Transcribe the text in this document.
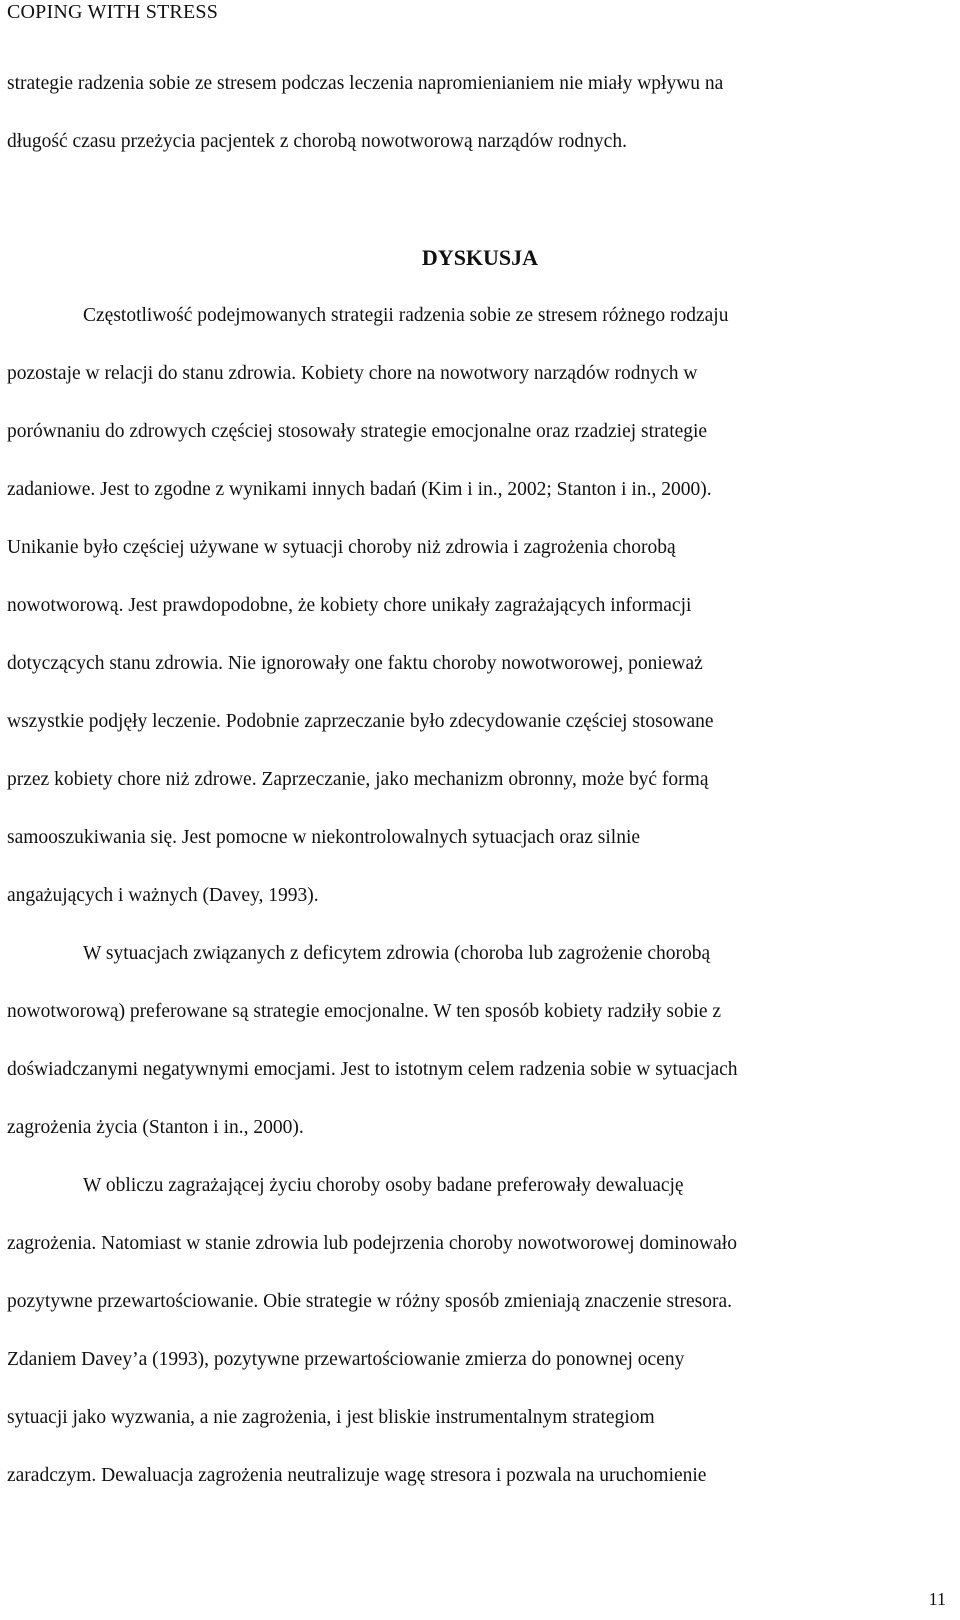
COPING WITH STRESS
strategie radzenia sobie ze stresem podczas leczenia napromienianiem nie miały wpływu na
długość czasu przeżycia pacjentek z chorobą nowotworową narządów rodnych.
DYSKUSJA
Częstotliwość podejmowanych strategii radzenia sobie ze stresem różnego rodzaju
pozostaje w relacji do stanu zdrowia. Kobiety chore na nowotwory narządów rodnych w
porównaniu do zdrowych częściej stosowały strategie emocjonalne oraz rzadziej strategie
zadaniowe. Jest to zgodne z wynikami innych badań (Kim i in., 2002; Stanton i in., 2000).
Unikanie było częściej używane w sytuacji choroby niż zdrowia i zagrożenia chorobą
nowotworową. Jest prawdopodobne, że kobiety chore unikały zagrażających informacji
dotyczących stanu zdrowia. Nie ignorowały one faktu choroby nowotworowej, ponieważ
wszystkie podjęły leczenie. Podobnie zaprzeczanie było zdecydowanie częściej stosowane
przez kobiety chore niż zdrowe. Zaprzeczanie, jako mechanizm obronny, może być formą
samooszukiwania się. Jest pomocne w niekontrolowalnych sytuacjach oraz silnie
angażujących i ważnych (Davey, 1993).
W sytuacjach związanych z deficytem zdrowia (choroba lub zagrożenie chorobą
nowotworową) preferowane są strategie emocjonalne. W ten sposób kobiety radziły sobie z
doświadczanymi negatywnymi emocjami. Jest to istotnym celem radzenia sobie w sytuacjach
zagrożenia życia (Stanton i in., 2000).
W obliczu zagrażającej życiu choroby osoby badane preferowały dewaluację
zagrożenia. Natomiast w stanie zdrowia lub podejrzenia choroby nowotworowej dominowało
pozytywne przewartościowanie. Obie strategie w różny sposób zmieniają znaczenie stresora.
Zdaniem Davey’a (1993), pozytywne przewartościowanie zmierza do ponownej oceny
sytuacji jako wyzwania, a nie zagrożenia, i jest bliskie instrumentalnym strategiom
zaradczym. Dewaluacja zagrożenia neutralizuje wagę stresora i pozwala na uruchomienie
11
